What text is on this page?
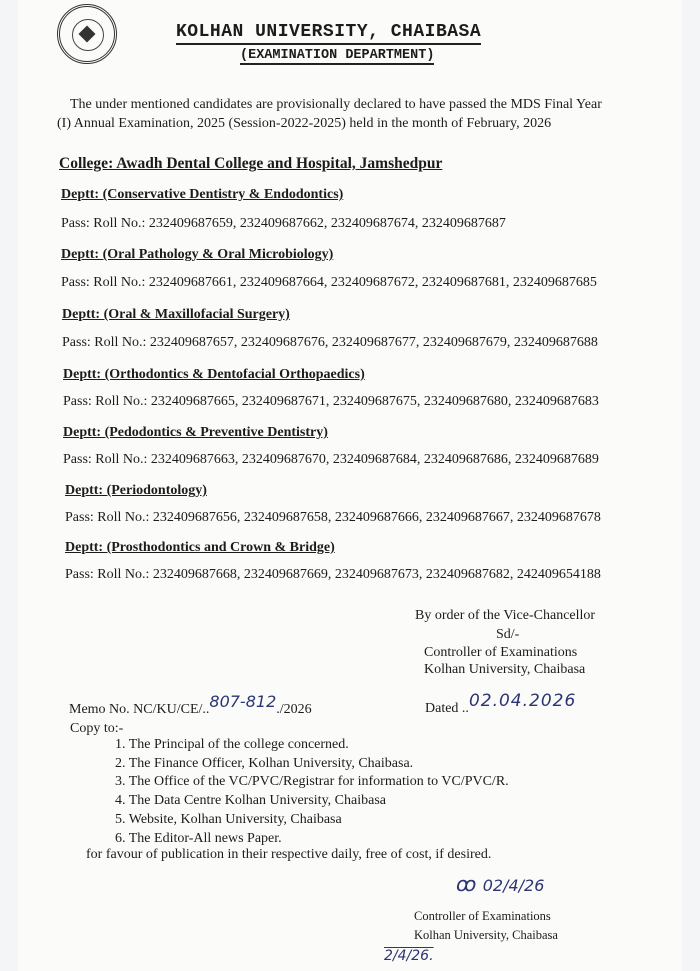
KOLHAN UNIVERSITY, CHAIBASA
(EXAMINATION DEPARTMENT)
The under mentioned candidates are provisionally declared to have passed the MDS Final Year
(I) Annual Examination, 2025 (Session-2022-2025) held in the month of February, 2026
College: Awadh Dental College and Hospital, Jamshedpur
Deptt: (Conservative Dentistry & Endodontics)
Pass: Roll No.: 232409687659, 232409687662, 232409687674, 232409687687
Deptt: (Oral Pathology & Oral Microbiology)
Pass: Roll No.: 232409687661, 232409687664, 232409687672, 232409687681, 232409687685
Deptt: (Oral & Maxillofacial Surgery)
Pass: Roll No.: 232409687657, 232409687676, 232409687677, 232409687679, 232409687688
Deptt: (Orthodontics & Dentofacial Orthopaedics)
Pass: Roll No.: 232409687665, 232409687671, 232409687675, 232409687680, 232409687683
Deptt: (Pedodontics & Preventive Dentistry)
Pass: Roll No.: 232409687663, 232409687670, 232409687684, 232409687686, 232409687689
Deptt: (Periodontology)
Pass: Roll No.: 232409687656, 232409687658, 232409687666, 232409687667, 232409687678
Deptt: (Prosthodontics and Crown & Bridge)
Pass: Roll No.: 232409687668, 232409687669, 232409687673, 232409687682, 242409654188
By order of the Vice-Chancellor
Sd/-
Controller of Examinations
Kolhan University, Chaibasa
Memo No. NC/KU/CE/..807-812./2026	Dated ..02.04.2026
Copy to:-
1. The Principal of the college concerned.
2. The Finance Officer, Kolhan University, Chaibasa.
3. The Office of the VC/PVC/Registrar for information to VC/PVC/R.
4. The Data Centre Kolhan University, Chaibasa
5. Website, Kolhan University, Chaibasa
6. The Editor-All news Paper.
for favour of publication in their respective daily, free of cost, if desired.
ꝏ 02/4/26
Controller of Examinations
Kolhan University, Chaibasa
2/4/26.
